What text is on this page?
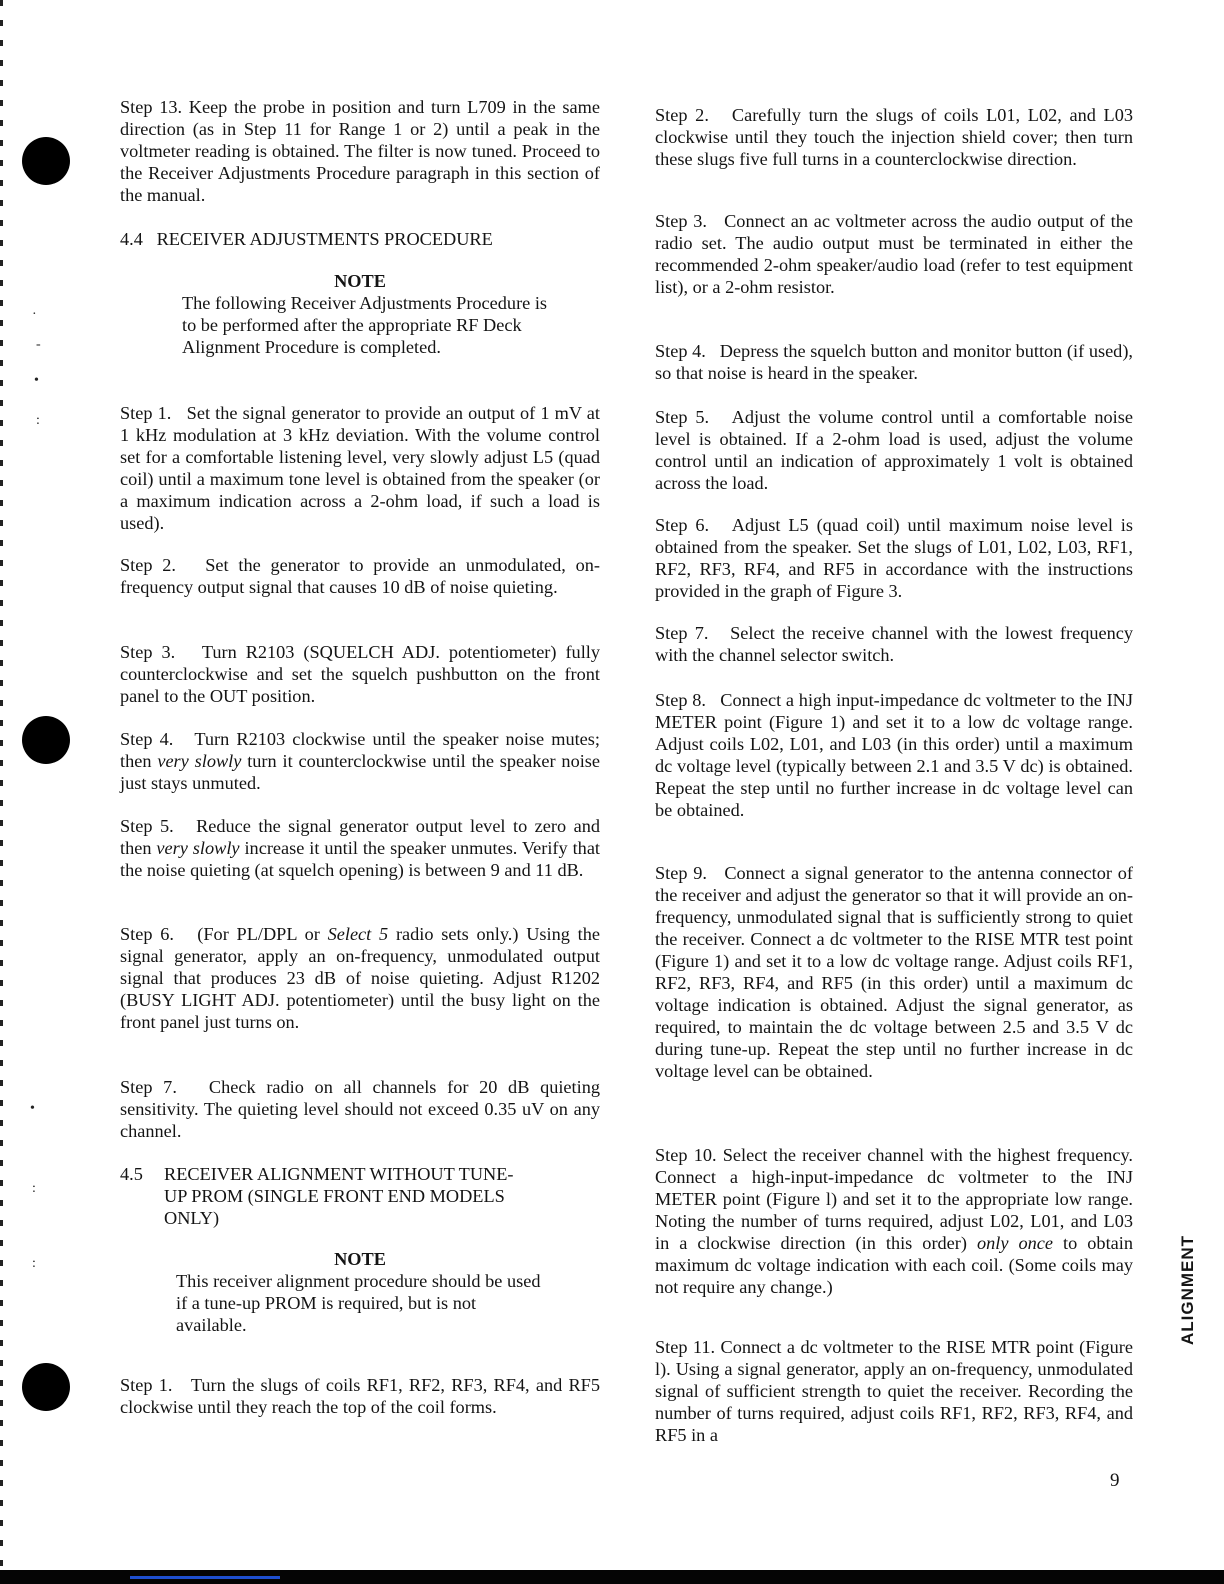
·
-
•
:
•
:
:

Step 13. Keep the probe in position and turn L709 in the same direction (as in Step 11 for Range 1 or 2) until a peak in the voltmeter reading is obtained. The filter is now tuned. Proceed to the Receiver Adjustments Procedure paragraph in this section of the manual.

4.4   RECEIVER ADJUSTMENTS PROCEDURE

NOTE

The following Receiver Adjustments Procedure is to be performed after the appropriate RF Deck Alignment Procedure is completed.

Step 1.   Set the signal generator to provide an output of 1 mV at 1 kHz modulation at 3 kHz deviation. With the volume control set for a comfortable listening level, very slowly adjust L5 (quad coil) until a maximum tone level is obtained from the speaker (or a maximum indication across a 2-ohm load, if such a load is used).

Step 2.   Set the generator to provide an unmodulated, on-frequency output signal that causes 10 dB of noise quieting.

Step 3.   Turn R2103 (SQUELCH ADJ. potentiometer) fully counterclockwise and set the squelch pushbutton on the front panel to the OUT position.

Step 4.   Turn R2103 clockwise until the speaker noise mutes; then very slowly turn it counterclockwise until the speaker noise just stays unmuted.

Step 5.   Reduce the signal generator output level to zero and then very slowly increase it until the speaker unmutes. Verify that the noise quieting (at squelch opening) is between 9 and 11 dB.

Step 6.   (For PL/DPL or Select 5 radio sets only.) Using the signal generator, apply an on-frequency, unmodulated output signal that produces 23 dB of noise quieting. Adjust R1202 (BUSY LIGHT ADJ. potentiometer) until the busy light on the front panel just turns on.

Step 7.   Check radio on all channels for 20 dB quieting sensitivity. The quieting level should not exceed 0.35 uV on any channel.

4.5 RECEIVER ALIGNMENT WITHOUT TUNE-UP PROM (SINGLE FRONT END MODELS ONLY)

NOTE

This receiver alignment procedure should be used if a tune-up PROM is required, but is not available.

Step 1.   Turn the slugs of coils RF1, RF2, RF3, RF4, and RF5 clockwise until they reach the top of the coil forms.

Step 2.   Carefully turn the slugs of coils L01, L02, and L03 clockwise until they touch the injection shield cover; then turn these slugs five full turns in a counterclockwise direction.

Step 3.   Connect an ac voltmeter across the audio output of the radio set. The audio output must be terminated in either the recommended 2-ohm speaker/audio load (refer to test equipment list), or a 2-ohm resistor.

Step 4.   Depress the squelch button and monitor button (if used), so that noise is heard in the speaker.

Step 5.   Adjust the volume control until a comfortable noise level is obtained. If a 2-ohm load is used, adjust the volume control until an indication of approximately 1 volt is obtained across the load.

Step 6.   Adjust L5 (quad coil) until maximum noise level is obtained from the speaker. Set the slugs of L01, L02, L03, RF1, RF2, RF3, RF4, and RF5 in accordance with the instructions provided in the graph of Figure 3.

Step 7.   Select the receive channel with the lowest frequency with the channel selector switch.

Step 8.   Connect a high input-impedance dc voltmeter to the INJ METER point (Figure 1) and set it to a low dc voltage range. Adjust coils L02, L01, and L03 (in this order) until a maximum dc voltage level (typically between 2.1 and 3.5 V dc) is obtained. Repeat the step until no further increase in dc voltage level can be obtained.

Step 9.   Connect a signal generator to the antenna connector of the receiver and adjust the generator so that it will provide an on-frequency, unmodulated signal that is sufficiently strong to quiet the receiver. Connect a dc voltmeter to the RISE MTR test point (Figure 1) and set it to a low dc voltage range. Adjust coils RF1, RF2, RF3, RF4, and RF5 (in this order) until a maximum dc voltage indication is obtained. Adjust the signal generator, as required, to maintain the dc voltage between 2.5 and 3.5 V dc during tune-up. Repeat the step until no further increase in dc voltage level can be obtained.

Step 10. Select the receiver channel with the highest frequency. Connect a high-input-impedance dc voltmeter to the INJ METER point (Figure l) and set it to the appropriate low range. Noting the number of turns required, adjust L02, L01, and L03 in a clockwise direction (in this order) only once to obtain maximum dc voltage indication with each coil. (Some coils may not require any change.)

Step 11. Connect a dc voltmeter to the RISE MTR point (Figure l). Using a signal generator, apply an on-frequency, unmodulated signal of sufficient strength to quiet the receiver. Recording the number of turns required, adjust coils RF1, RF2, RF3, RF4, and RF5 in a

ALIGNMENT
9
